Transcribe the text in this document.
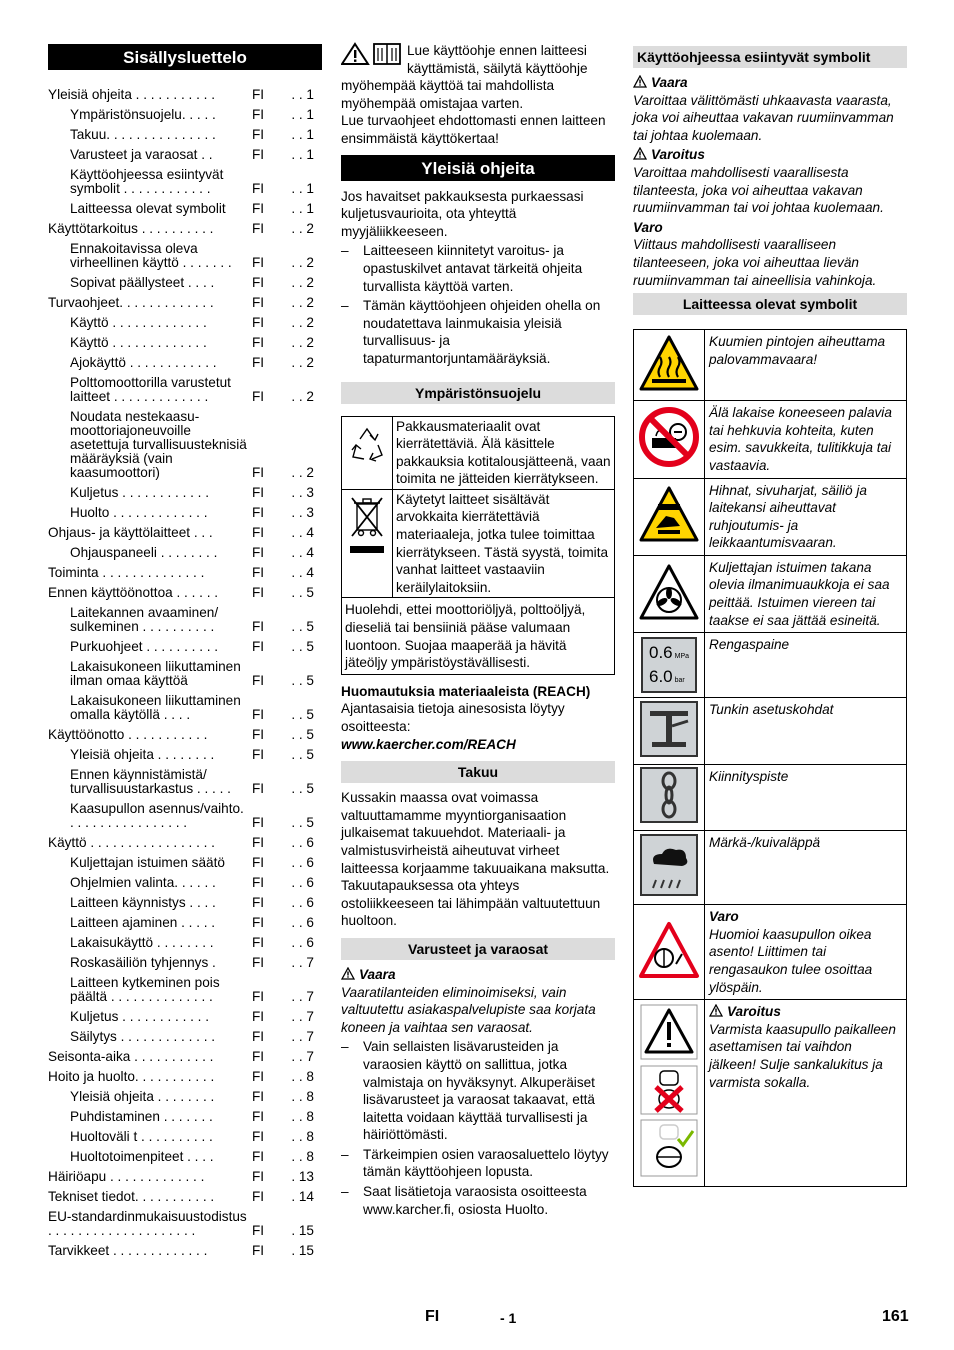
Sisällysluettelo
Yleisiä ohjeita . . . . . . . . . . .	FI	. . 1
Ympäristönsuojelu. . . . .	FI	. . 1
Takuu. . . . . . . . . . . . . . .	FI	. . 1
Varusteet ja varaosat . .	FI	. . 1
Käyttöohjeessa esiintyvät symbolit . . . . . . . . . . . .	FI	. . 1
Laitteessa olevat symbolit	FI	. . 1
Käyttötarkoitus . . . . . . . . . .	FI	. . 2
Ennakoitavissa oleva virheellinen käyttö . . . . . . .	FI	. . 2
Sopivat päällysteet . . . .	FI	. . 2
Turvaohjeet. . . . . . . . . . . . .	FI	. . 2
Käyttö . . . . . . . . . . . . .	FI	. . 2
Käyttö . . . . . . . . . . . . .	FI	. . 2
Ajokäyttö . . . . . . . . . . . .	FI	. . 2
Polttomoottorilla varustetut laitteet . . . . . . . . . . . . .	FI	. . 2
Noudata nestekaasu- moottoriajoneuvoille asetettuja turvallisuusteknisiä määräyksiä (vain kaasumoottori)	FI	. . 2
Kuljetus . . . . . . . . . . . .	FI	. . 3
Huolto . . . . . . . . . . . . .	FI	. . 3
Ohjaus- ja käyttölaitteet . . .	FI	. . 4
Ohjauspaneeli . . . . . . . .	FI	. . 4
Toiminta . . . . . . . . . . . . . .	FI	. . 4
Ennen käyttöönottoa . . . . . .	FI	. . 5
Laitekannen avaaminen/ sulkeminen . . . . . . . . . .	FI	. . 5
Purkuohjeet . . . . . . . . . .	FI	. . 5
Lakaisukoneen liikuttaminen ilman omaa käyttöä	FI	. . 5
Lakaisukoneen liikuttaminen omalla käytöllä . . . .	FI	. . 5
Käyttöönotto . . . . . . . . . . .	FI	. . 5
Yleisiä ohjeita . . . . . . . .	FI	. . 5
Ennen käynnistämistä/ turvallisuustarkastus . . . . .	FI	. . 5
Kaasupullon asennus/vaihto. . . . . . . . . . . . . . . . .	FI	. . 5
Käyttö . . . . . . . . . . . . . . . . .	FI	. . 6
Kuljettajan istuimen säätö	FI	. . 6
Ohjelmien valinta. . . . . .	FI	. . 6
Laitteen käynnistys . . . .	FI	. . 6
Laitteen ajaminen . . . . .	FI	. . 6
Lakaisukäyttö . . . . . . . .	FI	. . 6
Roskasäiliön tyhjennys .	FI	. . 7
Laitteen kytkeminen pois päältä . . . . . . . . . . . . . .	FI	. . 7
Kuljetus . . . . . . . . . . . .	FI	. . 7
Säilytys . . . . . . . . . . . . .	FI	. . 7
Seisonta-aika . . . . . . . . . . .	FI	. . 7
Hoito ja huolto. . . . . . . . . . .	FI	. . 8
Yleisiä ohjeita . . . . . . . .	FI	. . 8
Puhdistaminen . . . . . . .	FI	. . 8
Huoltoväli t . . . . . . . . . .	FI	. . 8
Huoltotoimenpiteet . . . .	FI	. . 8
Häiriöapu . . . . . . . . . . . . .	FI	. 13
Tekniset tiedot. . . . . . . . . . .	FI	. 14
EU-standardinmukaisuustodistus . . . . . . . . . . . . . . . . . . . .	FI	. 15
Tarvikkeet . . . . . . . . . . . . .	FI	. 15

Lue käyttöohje ennen laitteesi käyttämistä, säilytä käyttöohje myöhempää käyttöä tai mahdollista myöhempää omistajaa varten.

Lue turvaohjeet ehdottomasti ennen laitteen ensimmäistä käyttökertaa!

Yleisiä ohjeita

Jos havaitset pakkauksesta purkaessasi kuljetusvaurioita, ota yhteyttä myyjäliikkeeseen.

– Laitteeseen kiinnitetyt varoitus- ja opastuskilvet antavat tärkeitä ohjeita turvallista käyttöä varten.
– Tämän käyttöohjeen ohjeiden ohella on noudatettava lainmukaisia yleisiä turvallisuus- ja tapaturmantorjuntamääräyksiä.
Ympäristönsuojelu
	Pakkausmateriaalit ovat kierrätettäviä. Älä käsittele pakkauksia kotitalousjätteenä, vaan toimita ne jätteiden kierrätykseen.
	Käytetyt laitteet sisältävät arvokkaita kierrätettäviä materiaaleja, jotka tulee toimittaa kierrätykseen. Tästä syystä, toimita vanhat laitteet vastaaviin keräilylaitoksiin.
Huolehdi, ettei moottoriöljyä, polttoöljyä, dieseliä tai bensiiniä pääse valumaan luontoon. Suojaa maaperää ja hävitä jäteöljy ympäristöystävällisesti.	

Huomautuksia materiaaleista (REACH)

Ajantasaisia tietoja ainesosista löytyy osoitteesta:

www.kaercher.com/REACH

Takuu

Kussakin maassa ovat voimassa valtuuttamamme myyntiorganisaation julkaisemat takuuehdot. Materiaali- ja valmistusvirheistä aiheutuvat virheet laitteessa korjaamme takuuaikana maksutta. Takuutapauksessa ota yhteys ostoliikkeeseen tai lähimpään valtuutettuun huoltoon.

Varusteet ja varaosat

Vaara

Vaaratilanteiden eliminoimiseksi, vain valtuutettu asiakaspalvelupiste saa korjata koneen ja vaihtaa sen varaosat.

– Vain sellaisten lisävarusteiden ja varaosien käyttö on sallittua, jotka valmistaja on hyväksynyt. Alkuperäiset lisävarusteet ja varaosat takaavat, että laitetta voidaan käyttää turvallisesti ja häiriöttömästi.
– Tärkeimpien osien varaosaluettelo löytyy tämän käyttöohjeen lopusta.
– Saat lisätietoja varaosista osoitteesta www.karcher.fi, osiosta Huolto.
Käyttöohjeessa esiintyvät symbolit

Vaara

Varoittaa välittömästi uhkaavasta vaarasta, joka voi aiheuttaa vakavan ruumiinvamman tai johtaa kuolemaan.

Varoitus

Varoittaa mahdollisesti vaarallisesta tilanteesta, joka voi aiheuttaa vakavan ruumiinvamman tai voi johtaa kuolemaan.

Varo

Viittaus mahdollisesti vaaralliseen tilanteeseen, joka voi aiheuttaa lievän ruumiinvamman tai aineellisia vahinkoja.

Laitteessa olevat symbolit
	Kuumien pintojen aiheuttama palovammavaara!
	Älä lakaise koneeseen palavia tai hehkuvia kohteita, kuten esim. savukkeita, tulitikkuja tai vastaavia.
	Hihnat, sivuharjat, säiliö ja laitekansi aiheuttavat ruhjoutumis- ja leikkaantumisvaaran.
	Kuljettajan istuimen takana olevia ilmanimuaukkoja ei saa peittää. Istuimen viereen tai taakse ei saa jättää esineitä.

0.6 MPa
6.0 bar	Rengaspaine
	Tunkin asetuskohdat
	Kiinnityspiste
	Märkä-/kuivaläppä

Varo
Huomioi kaasupullon oikea asento! Liittimen tai rengasaukon tulee osoittaa ylöspäin.

Varoitus
Varmista kaasupullo paikalleen asettamisen tai vaihdon jälkeen! Sulje sankalukitus ja varmista sokalla.
FI	- 1	161
